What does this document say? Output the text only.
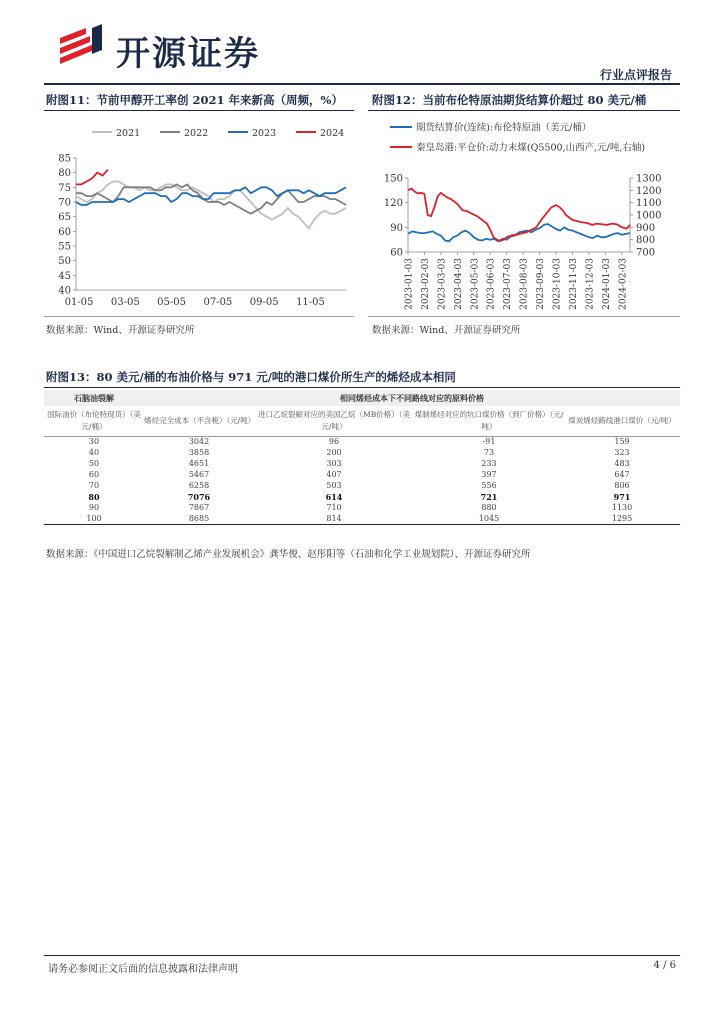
开源证券
行业点评报告
附图11：节前甲醇开工率创 2021 年来新高（周频，%）
2021	2022	2023	2024
40
45
50
55
60
65
70
75
80
85
01-05 03-05 05-05 07-05 09-05 11-05
数据来源：Wind、开源证券研究所
附图12：当前布伦特原油期货结算价超过 80 美元/桶
期货结算价(连续):布伦特原油（美元/桶）
秦皇岛港:平仓价:动力末煤(Q5500,山西产,元/吨,右轴)
60
90
120
150
700
800
900
1000
1100
1200
1300
2023-01-03 2023-02-03 2023-03-03 2023-04-03 2023-05-03 2023-06-03 2023-07-03 2023-08-03 2023-09-03 2023-10-03 2023-11-03 2023-12-03 2024-01-03 2024-02-03
数据来源：Wind、开源证券研究所
附图13：80 美元/桶的布油价格与 971 元/吨的港口煤价所生产的烯烃成本相同
石脑油裂解	相同烯烃成本下不同路线对应的原料价格			
国际油价（布伦特现货）（美元/桶）	烯烃完全成本（不含税）（元/吨）	进口乙烷裂解对应的美国乙烷（MB价格）（美元/吨）	煤制烯烃对应的坑口煤价格（到厂价格）（元/吨）	煤炭烯烃路线港口煤价（元/吨）
30	3042	96	-91	159
40	3858	200	73	323
50	4651	303	233	483
60	5467	407	397	647
70	6258	503	556	806
80	7076	614	721	971
90	7867	710	880	1130
100	8685	814	1045	1295
数据来源：《中国进口乙烷裂解制乙烯产业发展机会》龚华俊、赵彤阳等（石油和化学工业规划院）、开源证券研究所
请务必参阅正文后面的信息披露和法律声明	4 / 6
